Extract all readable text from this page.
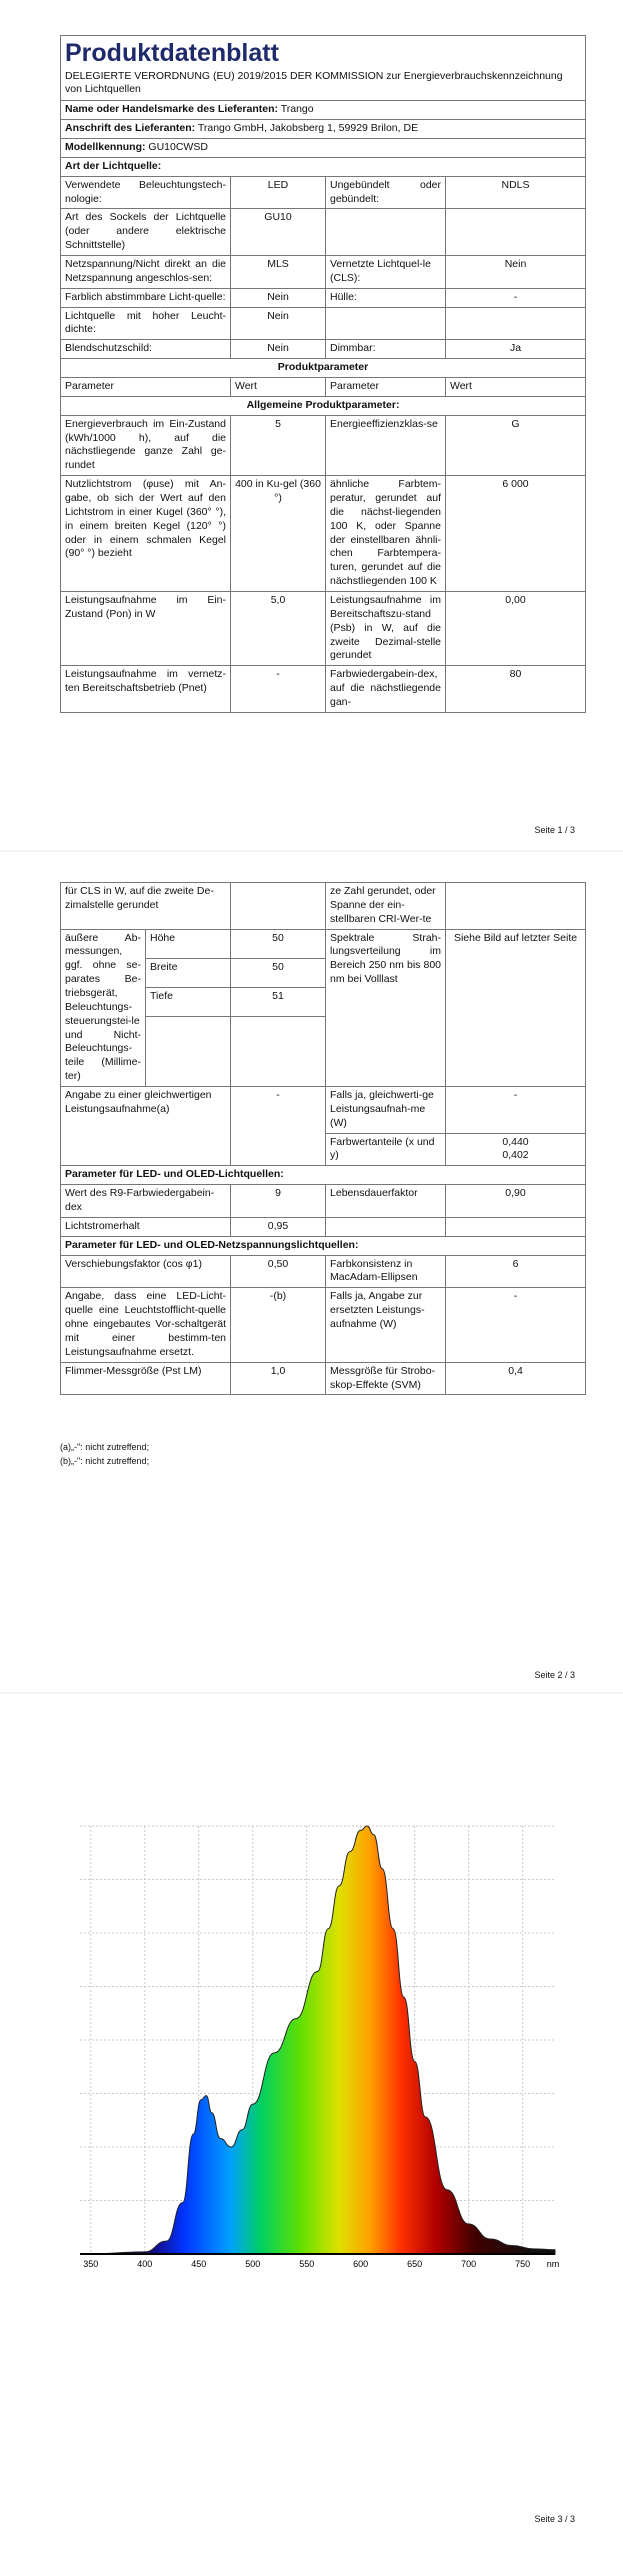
Produktdatenblatt
DELEGIERTE VERORDNUNG (EU) 2019/2015 DER KOMMISSION zur Energieverbrauchskennzeichnung von Lichtquellen			

Name oder Handelsmarke des Lieferanten: Trango			
Anschrift des Lieferanten: Trango GmbH, Jakobsberg 1, 59929 Brilon, DE			
Modellkennung: GU10CWSD			
Art der Lichtquelle:			
Verwendete Beleuchtungstech-nologie:	LED	Ungebündelt oder gebündelt:	NDLS
Art des Sockels der Lichtquelle (oder andere elektrische Schnittstelle)	GU10		
Netzspannung/Nicht direkt an die Netzspannung angeschlos-sen:	MLS	Vernetzte Lichtquel-le (CLS):	Nein
Farblich abstimmbare Licht-quelle:	Nein	Hülle:	-
Lichtquelle mit hoher Leucht-dichte:	Nein		
Blendschutzschild:	Nein	Dimmbar:	Ja
Produktparameter			
Parameter	Wert	Parameter	Wert
Allgemeine Produktparameter:			
Energieverbrauch im Ein-Zustand (kWh/1000 h), auf die nächstliegende ganze Zahl ge-rundet	5	Energieeffizienzklas-se	G
Nutzlichtstrom (φuse) mit An-gabe, ob sich der Wert auf den Lichtstrom in einer Kugel (360° °), in einem breiten Kegel (120° °) oder in einem schmalen Kegel (90° °) bezieht	400 in Ku-gel (360 °)	ähnliche Farbtem-peratur, gerundet auf die nächst-liegenden 100 K, oder Spanne der einstellbaren ähnli-chen Farbtempera-turen, gerundet auf die nächstliegenden 100 K	6 000
Leistungsaufnahme im Ein-Zustand (Pon) in W	5,0	Leistungsaufnahme im Bereitschaftszu-stand (Psb) in W, auf die zweite Dezimal-stelle gerundet	0,00
Leistungsaufnahme im vernetz-ten Bereitschaftsbetrieb (Pnet)	-	Farbwiedergabein-dex, auf die nächstliegende gan-	80
Seite 1 / 3
für CLS in W, auf die zweite De-zimalstelle gerundet			ze Zahl gerundet, oder Spanne der ein-stellbaren CRI-Wer-te	
äußere Ab-messungen, ggf. ohne se-parates Be-triebsgerät, Beleuchtungs-steuerungstei-le und Nicht-Beleuchtungs-teile (Millime-ter)	Höhe	50	Spektrale Strah-lungsverteilung im Bereich 250 nm bis 800 nm bei Volllast	Siehe Bild auf letzter Seite
	Breite	50		
	Tiefe	51		

Angabe zu einer gleichwertigen Leistungsaufnahme(a)		-	Falls ja, gleichwerti-ge Leistungsaufnah-me (W)	-
			Farbwertanteile (x und y)	0,440
0,402

Parameter für LED- und OLED-Lichtquellen:				
Wert des R9-Farbwiedergabein-dex		9	Lebensdauerfaktor	0,90
Lichtstromerhalt		0,95		
Parameter für LED- und OLED-Netzspannungslichtquellen:				
Verschiebungsfaktor (cos φ1)		0,50	Farbkonsistenz in MacAdam-Ellipsen	6
Angabe, dass eine LED-Licht-quelle eine Leuchtstofflicht-quelle ohne eingebautes Vor-schaltgerät mit einer bestimm-ten Leistungsaufnahme ersetzt.		-(b)	Falls ja, Angabe zur ersetzten Leistungs-aufnahme (W)	-
Flimmer-Messgröße (Pst LM)		1,0	Messgröße für Strobo-skop-Effekte (SVM)	0,4
(a)„-": nicht zutreffend;
(b)„-": nicht zutreffend;
Seite 2 / 3
350	400	450	500	550	600	650	700	750 nm
Seite 3 / 3
